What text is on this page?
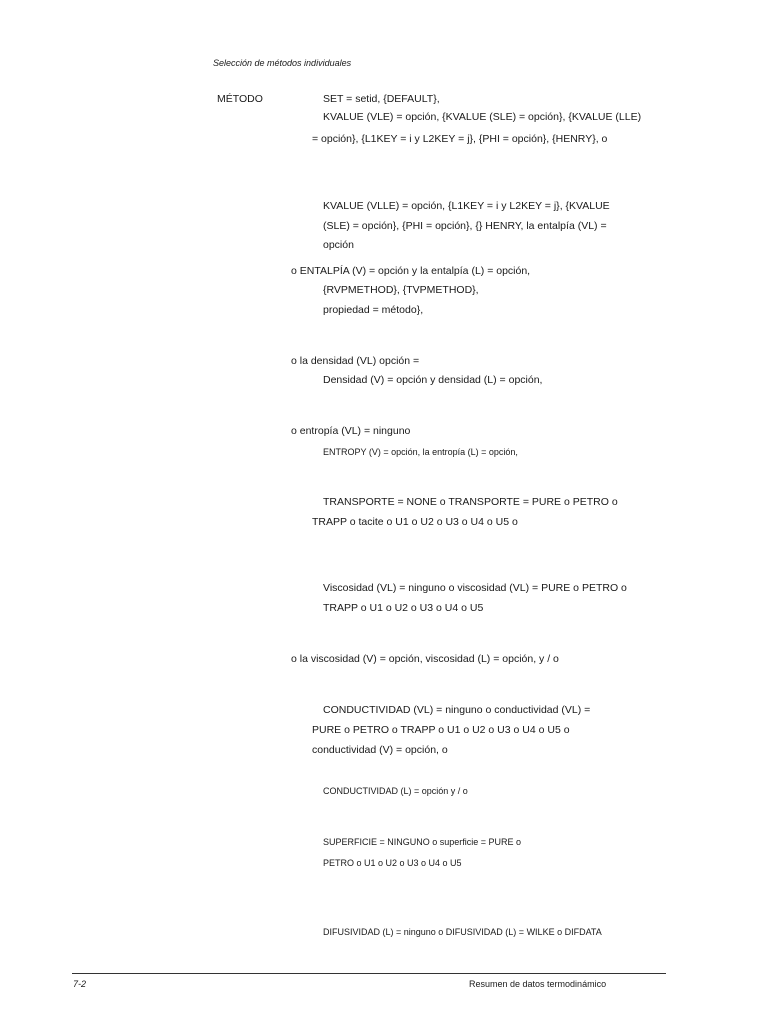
Selección de métodos individuales
MÉTODO	SET = setid, {DEFAULT},
KVALUE (VLE) = opción, {KVALUE (SLE) = opción}, {KVALUE (LLE)
= opción}, {L1KEY = i y L2KEY = j}, {PHI = opción}, {HENRY}, o
KVALUE (VLLE) = opción, {L1KEY = i y L2KEY = j}, {KVALUE
(SLE) = opción}, {PHI = opción}, {} HENRY, la entalpía (VL) =
opción
o ENTALPÍA (V) = opción y la entalpía (L) = opción,
{RVPMETHOD}, {TVPMETHOD},
propiedad = método},
o la densidad (VL) opción =
Densidad (V) = opción y densidad (L) = opción,
o entropía (VL) = ninguno
ENTROPY (V) = opción, la entropía (L) = opción,
TRANSPORTE = NONE o TRANSPORTE = PURE o PETRO o
TRAPP o tacite o U1 o U2 o U3 o U4 o U5 o
Viscosidad (VL) = ninguno o viscosidad (VL) = PURE o PETRO o
TRAPP o U1 o U2 o U3 o U4 o U5
o la viscosidad (V) = opción, viscosidad (L) = opción, y / o
CONDUCTIVIDAD (VL) = ninguno o conductividad (VL) =
PURE o PETRO o TRAPP o U1 o U2 o U3 o U4 o U5 o
conductividad (V) = opción, o
CONDUCTIVIDAD (L) = opción y / o
SUPERFICIE = NINGUNO o superficie = PURE o
PETRO o U1 o U2 o U3 o U4 o U5
DIFUSIVIDAD (L) = ninguno o DIFUSIVIDAD (L) = WILKE o DIFDATA
7-2	Resumen de datos termodinámico
